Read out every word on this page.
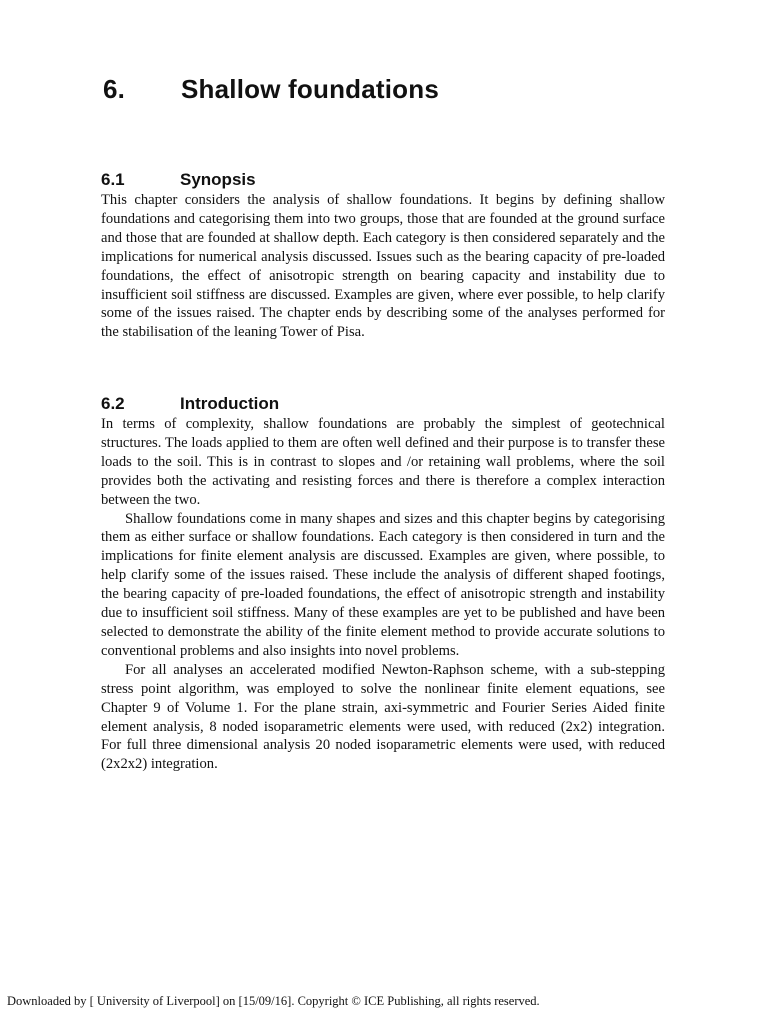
6. Shallow foundations
6.1	Synopsis

This chapter considers the analysis of shallow foundations. It begins by defining shallow foundations and categorising them into two groups, those that are founded at the ground surface and those that are founded at shallow depth. Each category is then considered separately and the implications for numerical analysis discussed. Issues such as the bearing capacity of pre-loaded foundations, the effect of anisotropic strength on bearing capacity and instability due to insufficient soil stiffness are discussed. Examples are given, where ever possible, to help clarify some of the issues raised. The chapter ends by describing some of the analyses performed for the stabilisation of the leaning Tower of Pisa.

6.2	Introduction

In terms of complexity, shallow foundations are probably the simplest of geotechnical structures. The loads applied to them are often well defined and their purpose is to transfer these loads to the soil. This is in contrast to slopes and /or retaining wall problems, where the soil provides both the activating and resisting forces and there is therefore a complex interaction between the two.

Shallow foundations come in many shapes and sizes and this chapter begins by categorising them as either surface or shallow foundations. Each category is then considered in turn and the implications for finite element analysis are discussed. Examples are given, where possible, to help clarify some of the issues raised. These include the analysis of different shaped footings, the bearing capacity of pre-loaded foundations, the effect of anisotropic strength and instability due to insufficient soil stiffness. Many of these examples are yet to be published and have been selected to demonstrate the ability of the finite element method to provide accurate solutions to conventional problems and also insights into novel problems.

For all analyses an accelerated modified Newton-Raphson scheme, with a sub-stepping stress point algorithm, was employed to solve the nonlinear finite element equations, see Chapter 9 of Volume 1. For the plane strain, axi-symmetric and Fourier Series Aided finite element analysis, 8 noded isoparametric elements were used, with reduced (2x2) integration. For full three dimensional analysis 20 noded isoparametric elements were used, with reduced (2x2x2) integration.

Downloaded by [ University of Liverpool] on [15/09/16]. Copyright © ICE Publishing, all rights reserved.
